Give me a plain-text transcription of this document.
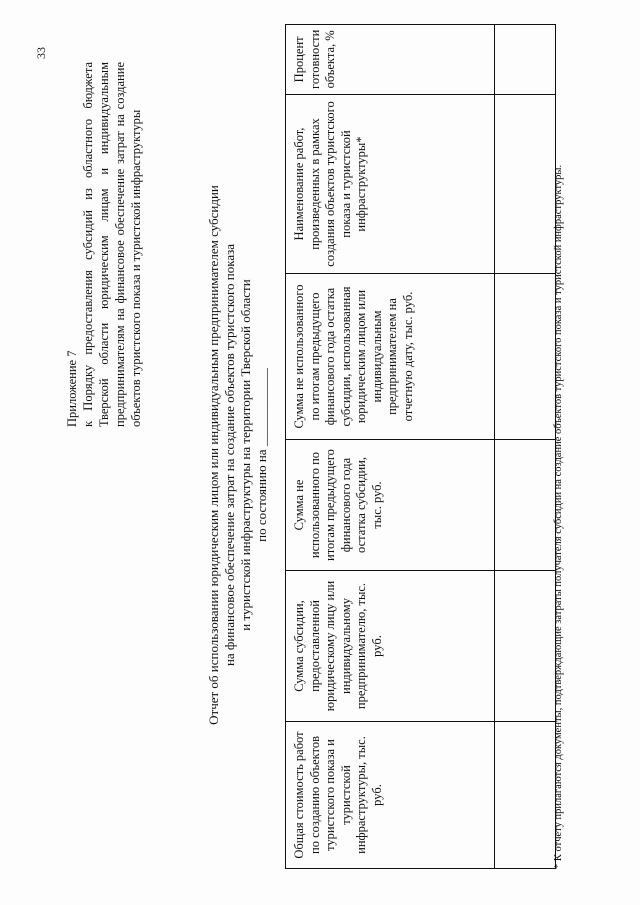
33
Приложение 7 к Порядку предоставления субсидий из областного бюджета Тверской области юридическим лицам и индивидуальным предпринимателям на финансовое обеспечение затрат на создание объектов туристского показа и туристской инфраструктуры	Отчет об использовании юридическим лицом или индивидуальным предпринимателем субсидии на финансовое обеспечение затрат на создание объектов туристского показа и туристской инфраструктуры на территории Тверской области по состоянию на ____________
Общая стоимость работ по созданию объектов туристского показа и туристской инфраструктуры, тыс. руб.	Сумма субсидии, предоставленной юридическому лицу или индивидуальному предпринимателю, тыс. руб.	Сумма не использованного по итогам предыдущего финансового года остатка субсидии, тыс. руб.	Сумма не использованного по итогам предыдущего финансового года остатка субсидии, использованная юридическим лицом или индивидуальным предпринимателем на отчетную дату, тыс. руб.	Наименование работ, произведенных в рамках создания объектов туристского показа и туристской инфраструктуры*	Процент готовности объекта, %

* К отчету прилагаются документы, подтверждающие затраты получателя субсидии на создание объектов туристского показа и туристской инфраструктуры.
